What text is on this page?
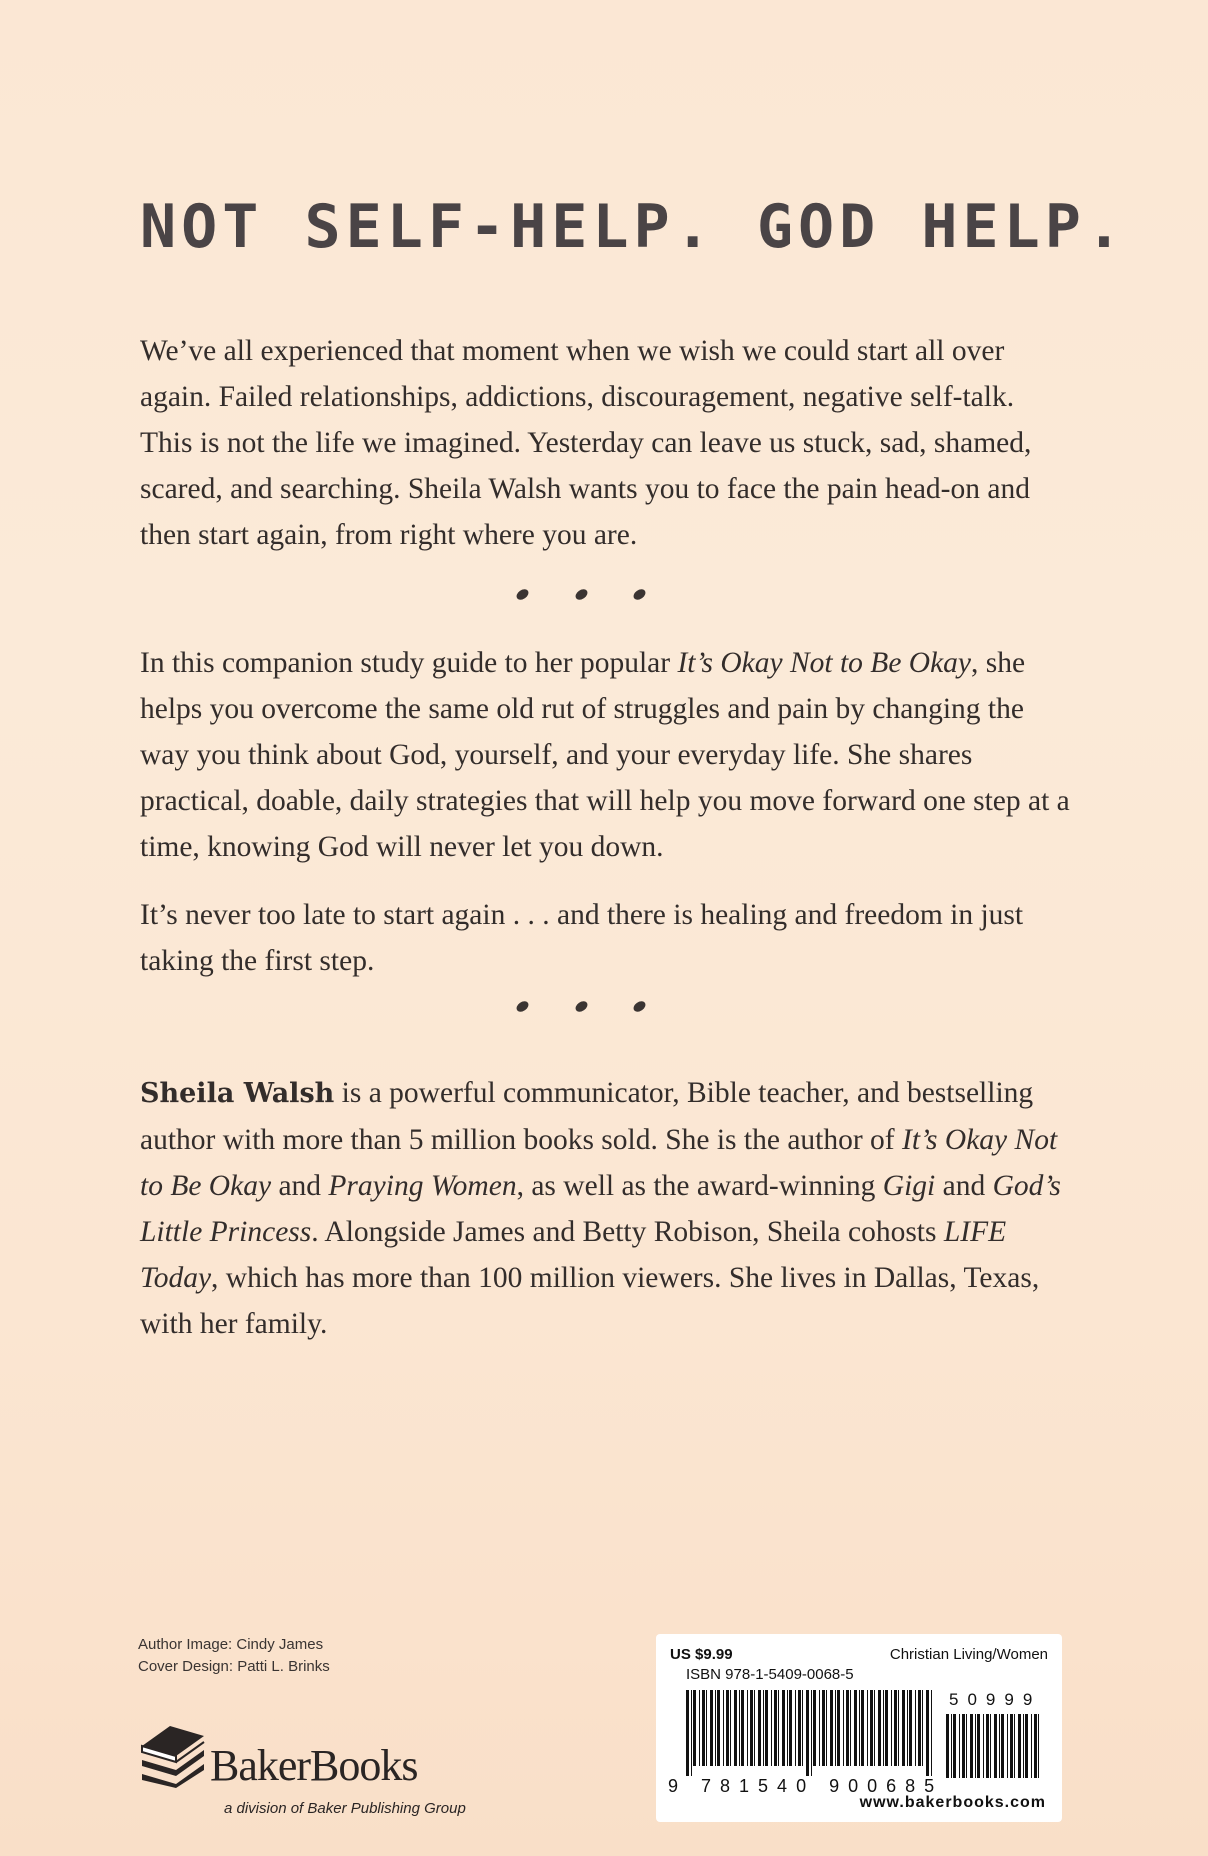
NOT SELF-HELP. GOD HELP.

We’ve all experienced that moment when we wish we could start all over again. Failed relationships, addictions, discouragement, negative self-talk. This is not the life we imagined. Yesterday can leave us stuck, sad, shamed, scared, and searching. Sheila Walsh wants you to face the pain head-on and then start again, from right where you are.

In this companion study guide to her popular It’s Okay Not to Be Okay, she helps you overcome the same old rut of struggles and pain by changing the way you think about God, yourself, and your everyday life. She shares practical, doable, daily strategies that will help you move forward one step at a time, knowing God will never let you down.

It’s never too late to start again . . . and there is healing and freedom in just taking the first step.

Sheila Walsh is a powerful communicator, Bible teacher, and bestselling author with more than 5 million books sold. She is the author of It’s Okay Not to Be Okay and Praying Women, as well as the award-winning Gigi and God’s Little Princess. Alongside James and Betty Robison, Sheila cohosts LIFE Today, which has more than 100 million viewers. She lives in Dallas, Texas, with her family.

Author Image: Cindy James
Cover Design: Patti L. Brinks
BakerBooks
a division of Baker Publishing Group
US $9.99	Christian Living/Women
ISBN 978-1-5409-0068-5
50999
9 781540 900685
www.bakerbooks.com
